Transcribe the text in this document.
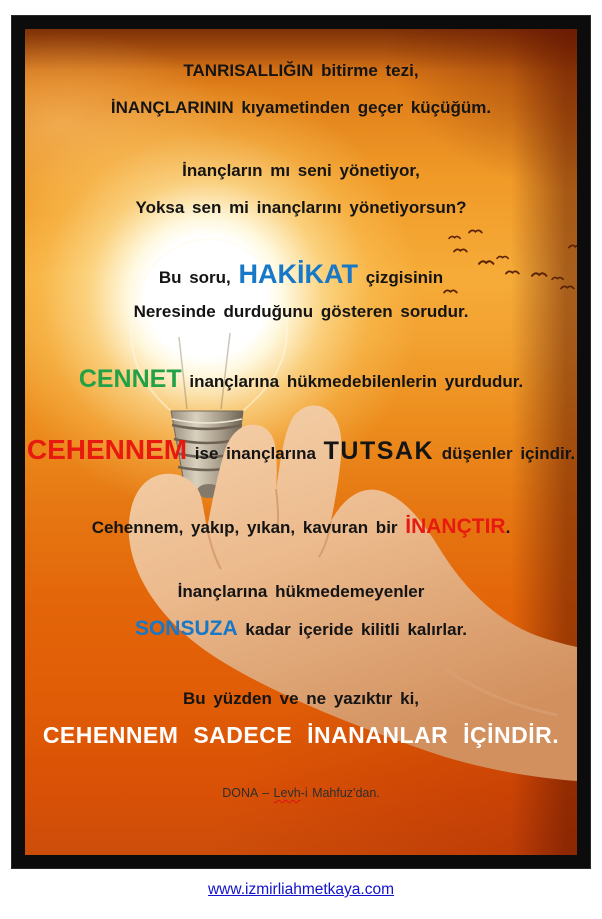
TANRISALLIĞIN bitirme tezi,
İNANÇLARININ kıyametinden geçer küçüğüm.
İnançların mı seni yönetiyor,
Yoksa sen mi inançlarını yönetiyorsun?
Bu soru, HAKİKAT çizgisinin
Neresinde durduğunu gösteren sorudur.
CENNET inançlarına hükmedebilenlerin yurdudur.
CEHENNEM ise inançlarına TUTSAK düşenler içindir.
Cehennem, yakıp, yıkan, kavuran bir İNANÇTIR.
İnançlarına hükmedemeyenler
SONSUZA kadar içeride kilitli kalırlar.
Bu yüzden ve ne yazıktır ki,
CEHENNEM SADECE İNANANLAR İÇİNDİR.
DONA – Levh-i Mahfuz'dan.
www.izmirliahmetkaya.com
